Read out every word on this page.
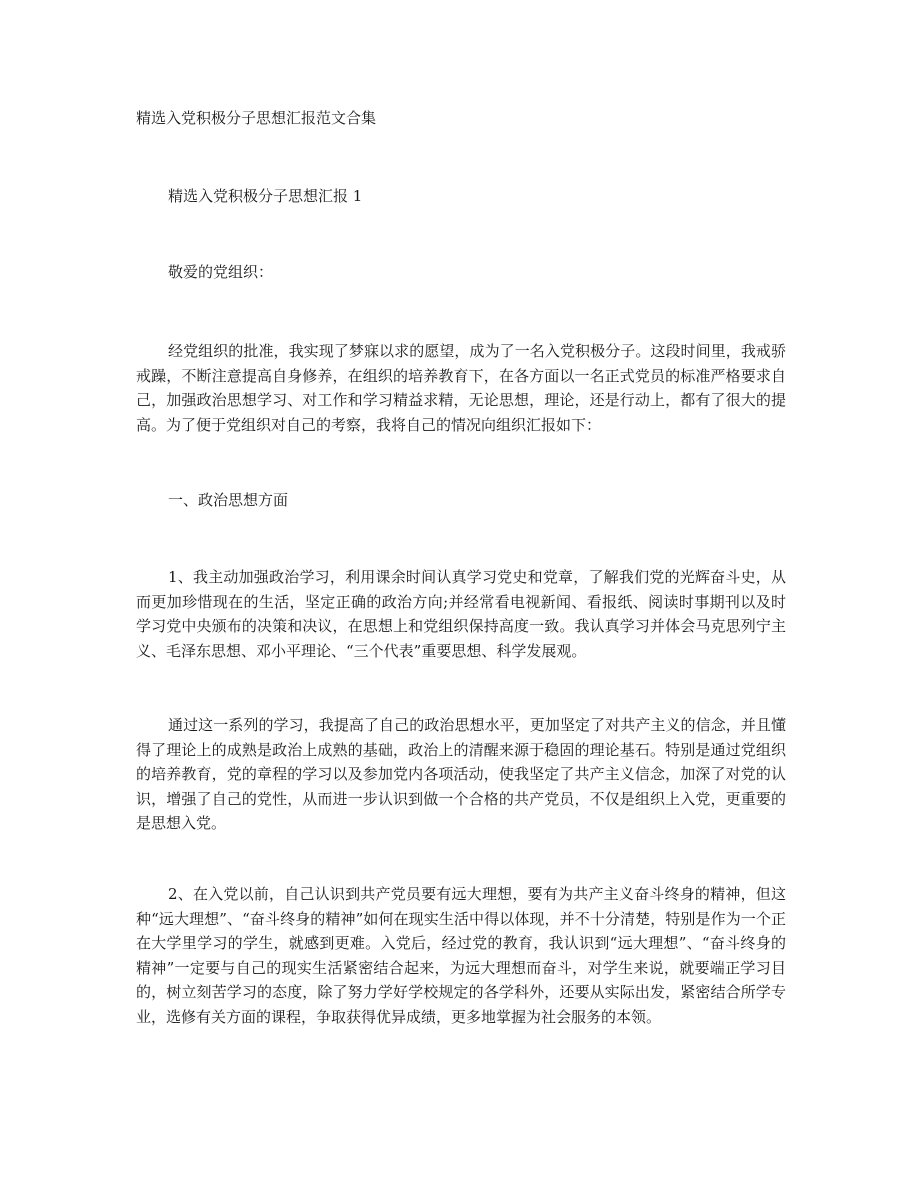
精选入党积极分子思想汇报范文合集
精选入党积极分子思想汇报 1
敬爱的党组织：

经党组织的批准，我实现了梦寐以求的愿望，成为了一名入党积极分子。这段时间里，我戒骄戒躁，不断注意提高自身修养，在组织的培养教育下，在各方面以一名正式党员的标准严格要求自己，加强政治思想学习、对工作和学习精益求精，无论思想，理论，还是行动上，都有了很大的提高。为了便于党组织对自己的考察，我将自己的情况向组织汇报如下：

一、政治思想方面

1、我主动加强政治学习，利用课余时间认真学习党史和党章，了解我们党的光辉奋斗史，从而更加珍惜现在的生活，坚定正确的政治方向;并经常看电视新闻、看报纸、阅读时事期刊以及时学习党中央颁布的决策和决议，在思想上和党组织保持高度一致。我认真学习并体会马克思列宁主义、毛泽东思想、邓小平理论、“三个代表”重要思想、科学发展观。

通过这一系列的学习，我提高了自己的政治思想水平，更加坚定了对共产主义的信念，并且懂得了理论上的成熟是政治上成熟的基础，政治上的清醒来源于稳固的理论基石。特别是通过党组织的培养教育，党的章程的学习以及参加党内各项活动，使我坚定了共产主义信念，加深了对党的认识，增强了自己的党性，从而进一步认识到做一个合格的共产党员，不仅是组织上入党，更重要的是思想入党。

2、在入党以前，自己认识到共产党员要有远大理想，要有为共产主义奋斗终身的精神，但这种“远大理想”、“奋斗终身的精神”如何在现实生活中得以体现，并不十分清楚，特别是作为一个正在大学里学习的学生，就感到更难。入党后，经过党的教育，我认识到“远大理想”、“奋斗终身的精神”一定要与自己的现实生活紧密结合起来，为远大理想而奋斗，对学生来说，就要端正学习目的，树立刻苦学习的态度，除了努力学好学校规定的各学科外，还要从实际出发，紧密结合所学专业，选修有关方面的课程，争取获得优异成绩，更多地掌握为社会服务的本领。
